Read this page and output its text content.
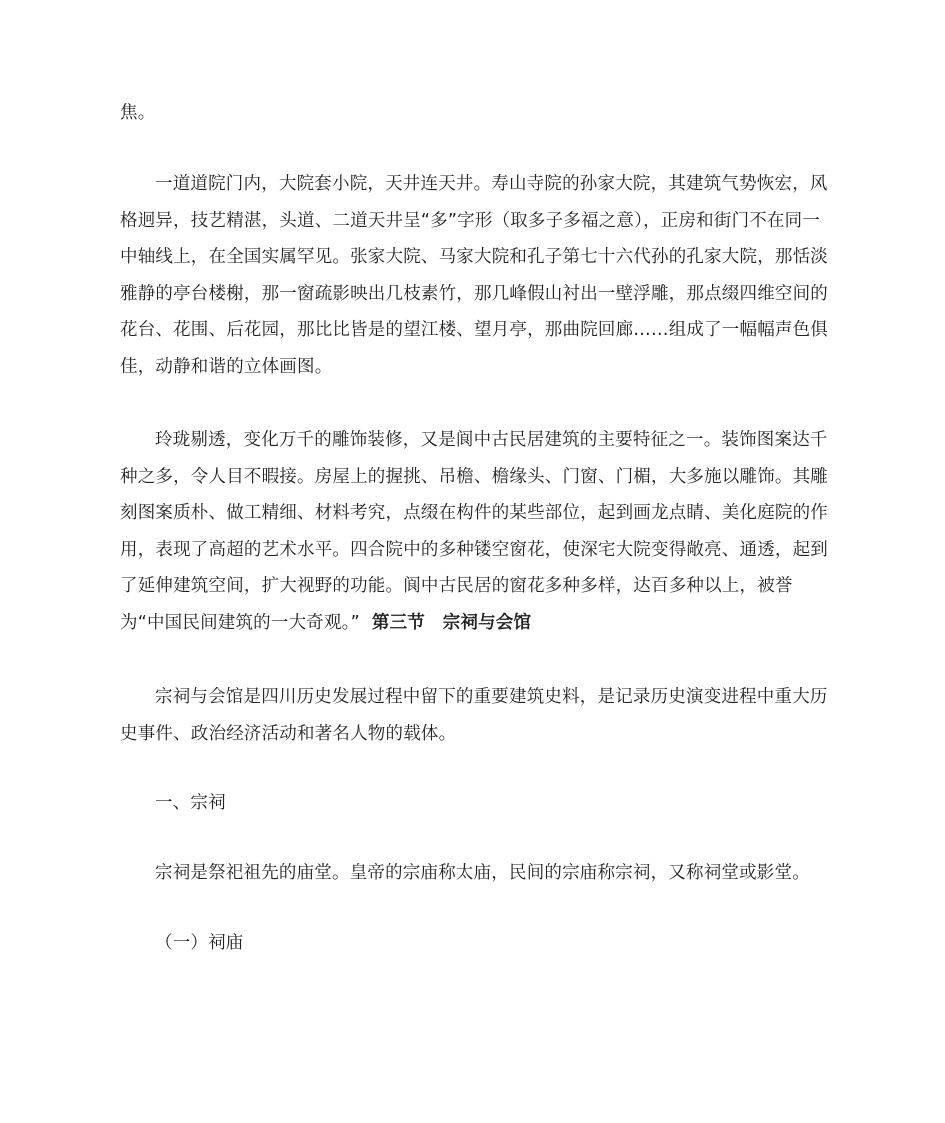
焦。

一道道院门内，大院套小院，天井连天井。寿山寺院的孙家大院，其建筑气势恢宏，风格迥异，技艺精湛，头道、二道天井呈“多”字形（取多子多福之意），正房和街门不在同一中轴线上，在全国实属罕见。张家大院、马家大院和孔子第七十六代孙的孔家大院，那恬淡雅静的亭台楼榭，那一窗疏影映出几枝素竹，那几峰假山衬出一壁浮雕，那点缀四维空间的花台、花围、后花园，那比比皆是的望江楼、望月亭，那曲院回廊……组成了一幅幅声色俱佳，动静和谐的立体画图。

玲珑剔透，变化万千的雕饰装修，又是阆中古民居建筑的主要特征之一。装饰图案达千种之多，令人目不暇接。房屋上的握挑、吊檐、檐缘头、门窗、门楣，大多施以雕饰。其雕刻图案质朴、做工精细、材料考究，点缀在构件的某些部位，起到画龙点睛、美化庭院的作用，表现了高超的艺术水平。四合院中的多种镂空窗花，使深宅大院变得敞亮、通透，起到了延伸建筑空间，扩大视野的功能。阆中古民居的窗花多种多样，达百多种以上，被誉为“中国民间建筑的一大奇观。” 第三节　宗祠与会馆

宗祠与会馆是四川历史发展过程中留下的重要建筑史料，是记录历史演变进程中重大历史事件、政治经济活动和著名人物的载体。

一、宗祠

宗祠是祭祀祖先的庙堂。皇帝的宗庙称太庙，民间的宗庙称宗祠，又称祠堂或影堂。

（一）祠庙
